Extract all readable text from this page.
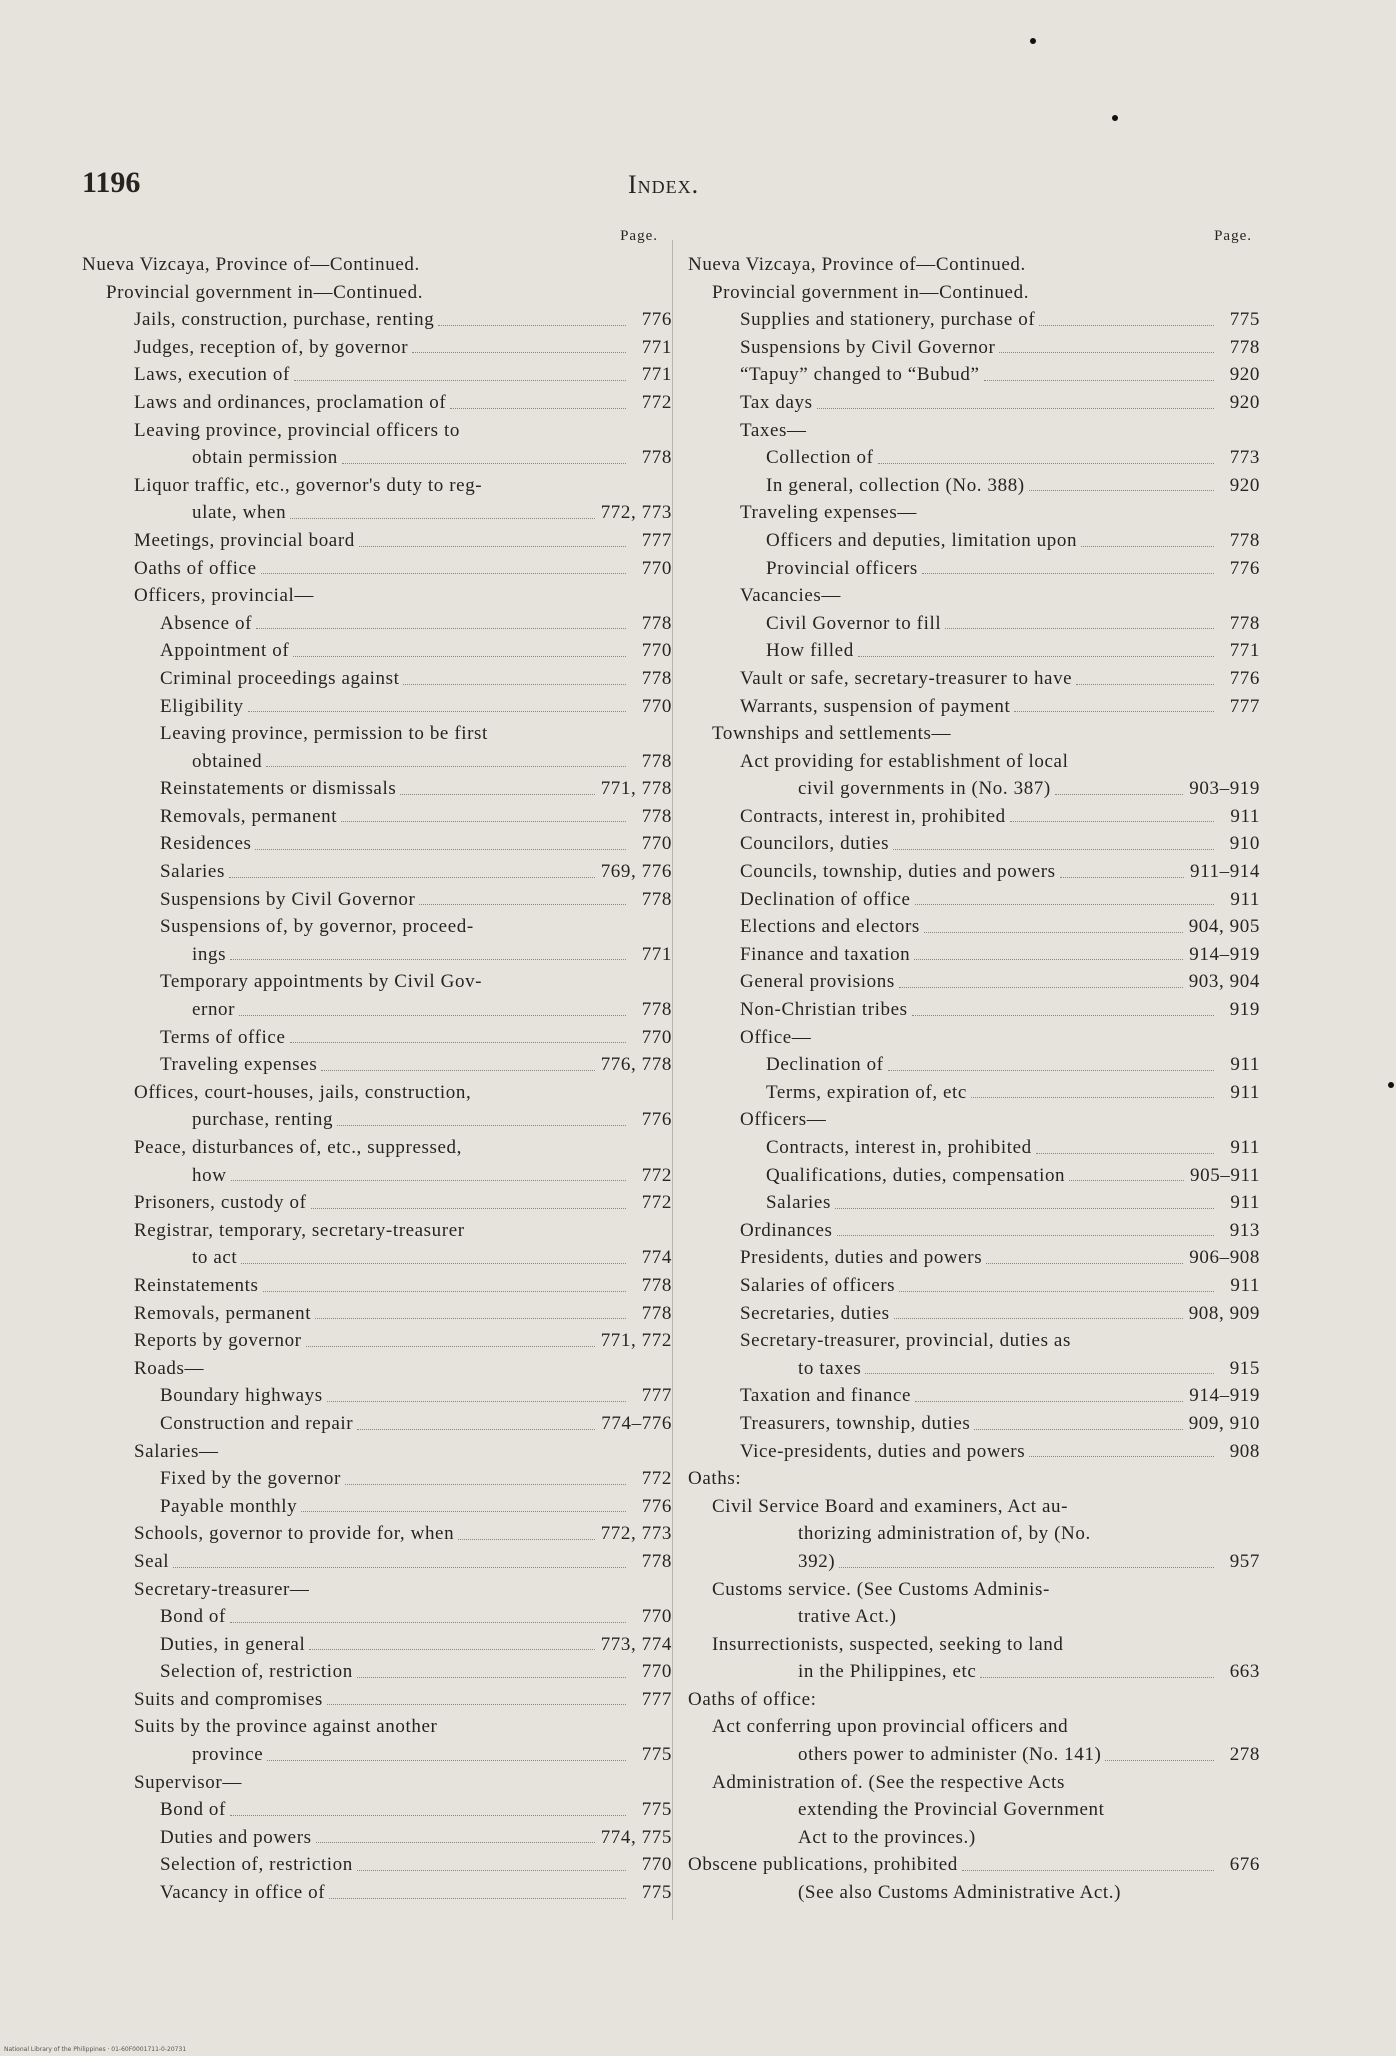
1196	Index.
Page.
Nueva Vizcaya, Province of—Continued.
Provincial government in—Continued.
Jails, construction, purchase, renting	776
Judges, reception of, by governor	771
Laws, execution of	771
Laws and ordinances, proclamation of	772
Leaving province, provincial officers to
obtain permission	778
Liquor traffic, etc., governor's duty to reg-
ulate, when	772, 773
Meetings, provincial board	777
Oaths of office	770
Officers, provincial—
Absence of	778
Appointment of	770
Criminal proceedings against	778
Eligibility	770
Leaving province, permission to be first
obtained	778
Reinstatements or dismissals	771, 778
Removals, permanent	778
Residences	770
Salaries	769, 776
Suspensions by Civil Governor	778
Suspensions of, by governor, proceed-
ings	771
Temporary appointments by Civil Gov-
ernor	778
Terms of office	770
Traveling expenses	776, 778
Offices, court-houses, jails, construction,
purchase, renting	776
Peace, disturbances of, etc., suppressed,
how	772
Prisoners, custody of	772
Registrar, temporary, secretary-treasurer
to act	774
Reinstatements	778
Removals, permanent	778
Reports by governor	771, 772
Roads—
Boundary highways	777
Construction and repair	774–776
Salaries—
Fixed by the governor	772
Payable monthly	776
Schools, governor to provide for, when	772, 773
Seal	778
Secretary-treasurer—
Bond of	770
Duties, in general	773, 774
Selection of, restriction	770
Suits and compromises	777
Suits by the province against another
province	775
Supervisor—
Bond of	775
Duties and powers	774, 775
Selection of, restriction	770
Vacancy in office of	775
Page.
Nueva Vizcaya, Province of—Continued.
Provincial government in—Continued.
Supplies and stationery, purchase of	775
Suspensions by Civil Governor	778
“Tapuy” changed to “Bubud”	920
Tax days	920
Taxes—
Collection of	773
In general, collection (No. 388)	920
Traveling expenses—
Officers and deputies, limitation upon	778
Provincial officers	776
Vacancies—
Civil Governor to fill	778
How filled	771
Vault or safe, secretary-treasurer to have	776
Warrants, suspension of payment	777
Townships and settlements—
Act providing for establishment of local
civil governments in (No. 387)	903–919
Contracts, interest in, prohibited	911
Councilors, duties	910
Councils, township, duties and powers	911–914
Declination of office	911
Elections and electors	904, 905
Finance and taxation	914–919
General provisions	903, 904
Non-Christian tribes	919
Office—
Declination of	911
Terms, expiration of, etc	911
Officers—
Contracts, interest in, prohibited	911
Qualifications, duties, compensation	905–911
Salaries	911
Ordinances	913
Presidents, duties and powers	906–908
Salaries of officers	911
Secretaries, duties	908, 909
Secretary-treasurer, provincial, duties as
to taxes	915
Taxation and finance	914–919
Treasurers, township, duties	909, 910
Vice-presidents, duties and powers	908
Oaths:
Civil Service Board and examiners, Act au-
thorizing administration of, by (No.
392)	957
Customs service. (See Customs Adminis-
trative Act.)
Insurrectionists, suspected, seeking to land
in the Philippines, etc	663
Oaths of office:
Act conferring upon provincial officers and
others power to administer (No. 141)	278
Administration of. (See the respective Acts
extending the Provincial Government
Act to the provinces.)
Obscene publications, prohibited	676
(See also Customs Administrative Act.)
National Library of the Philippines · 01-60F0001711-0-20731
